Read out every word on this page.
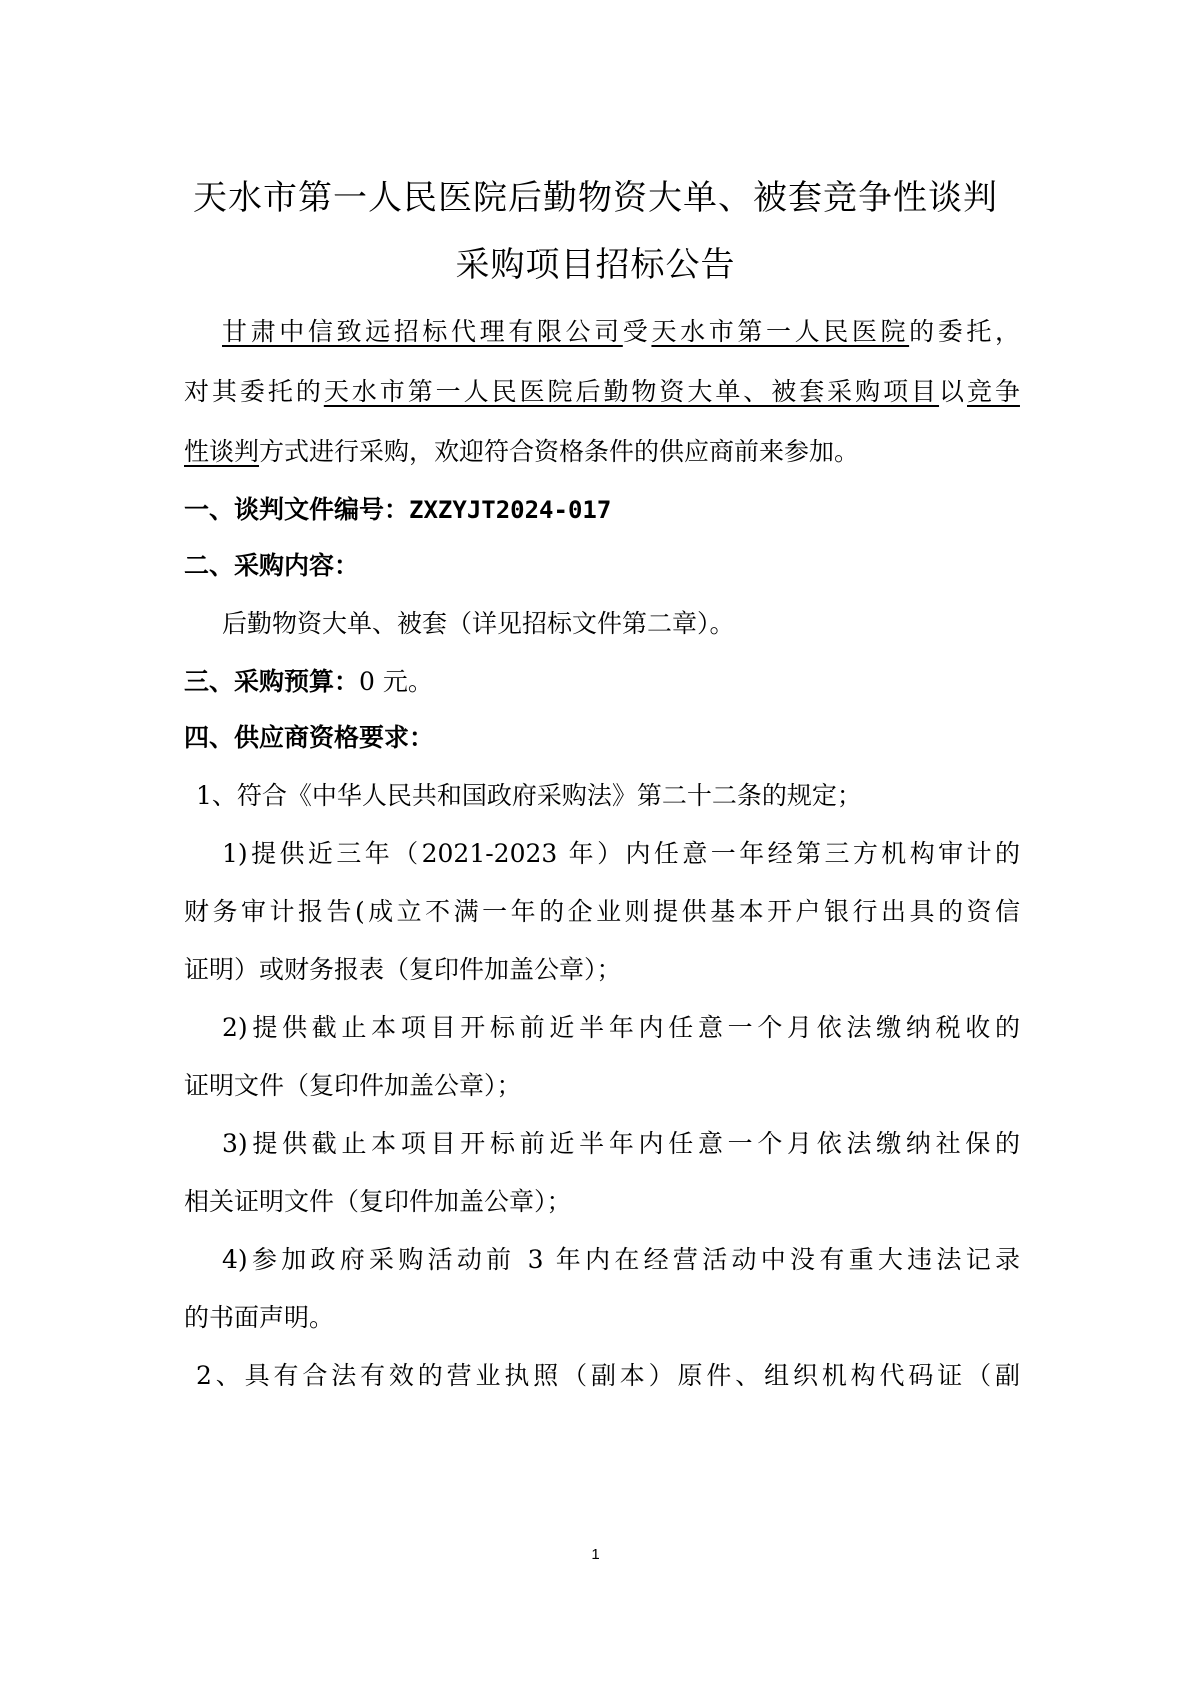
天水市第一人民医院后勤物资大单、被套竞争性谈判
采购项目招标公告
甘肃中信致远招标代理有限公司受天水市第一人民医院的委托，
对其委托的天水市第一人民医院后勤物资大单、被套采购项目以竞争
性谈判方式进行采购，欢迎符合资格条件的供应商前来参加。
一、谈判文件编号：ZXZYJT2024-017
二、采购内容：
后勤物资大单、被套（详见招标文件第二章）。
三、采购预算：0 元。
四、供应商资格要求：
1、符合《中华人民共和国政府采购法》第二十二条的规定；
1)提供近三年（2021-2023 年）内任意一年经第三方机构审计的
财务审计报告(成立不满一年的企业则提供基本开户银行出具的资信
证明）或财务报表（复印件加盖公章）；
2)提供截止本项目开标前近半年内任意一个月依法缴纳税收的
证明文件（复印件加盖公章）；
3)提供截止本项目开标前近半年内任意一个月依法缴纳社保的
相关证明文件（复印件加盖公章）；
4)参加政府采购活动前 3 年内在经营活动中没有重大违法记录
的书面声明。
2、具有合法有效的营业执照（副本）原件、组织机构代码证（副
1
